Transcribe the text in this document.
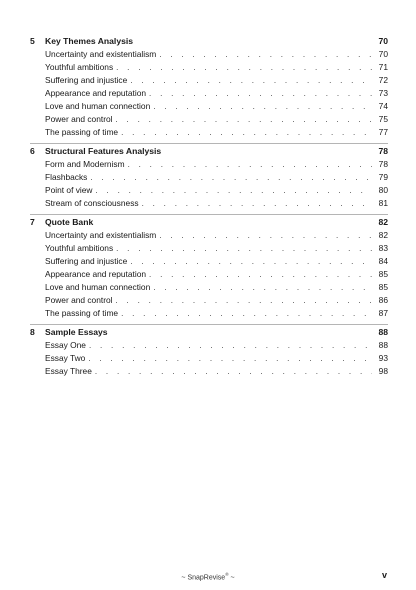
5	Key Themes Analysis	70
Uncertainty and existentialism . . .	70
Youthful ambitions . . .	71
Suffering and injustice . . .	72
Appearance and reputation . . .	73
Love and human connection . . .	74
Power and control . . .	75
The passing of time . . .	77
6	Structural Features Analysis	78
Form and Modernism . . .	78
Flashbacks . . .	79
Point of view . . .	80
Stream of consciousness . . .	81
7	Quote Bank	82
Uncertainty and existentialism . . .	82
Youthful ambitions . . .	83
Suffering and injustice . . .	84
Appearance and reputation . . .	85
Love and human connection . . .	85
Power and control . . .	86
The passing of time . . .	87
8	Sample Essays	88
Essay One . . .	88
Essay Two . . .	93
Essay Three . . .	98
~ SnapRevise® ~	v
